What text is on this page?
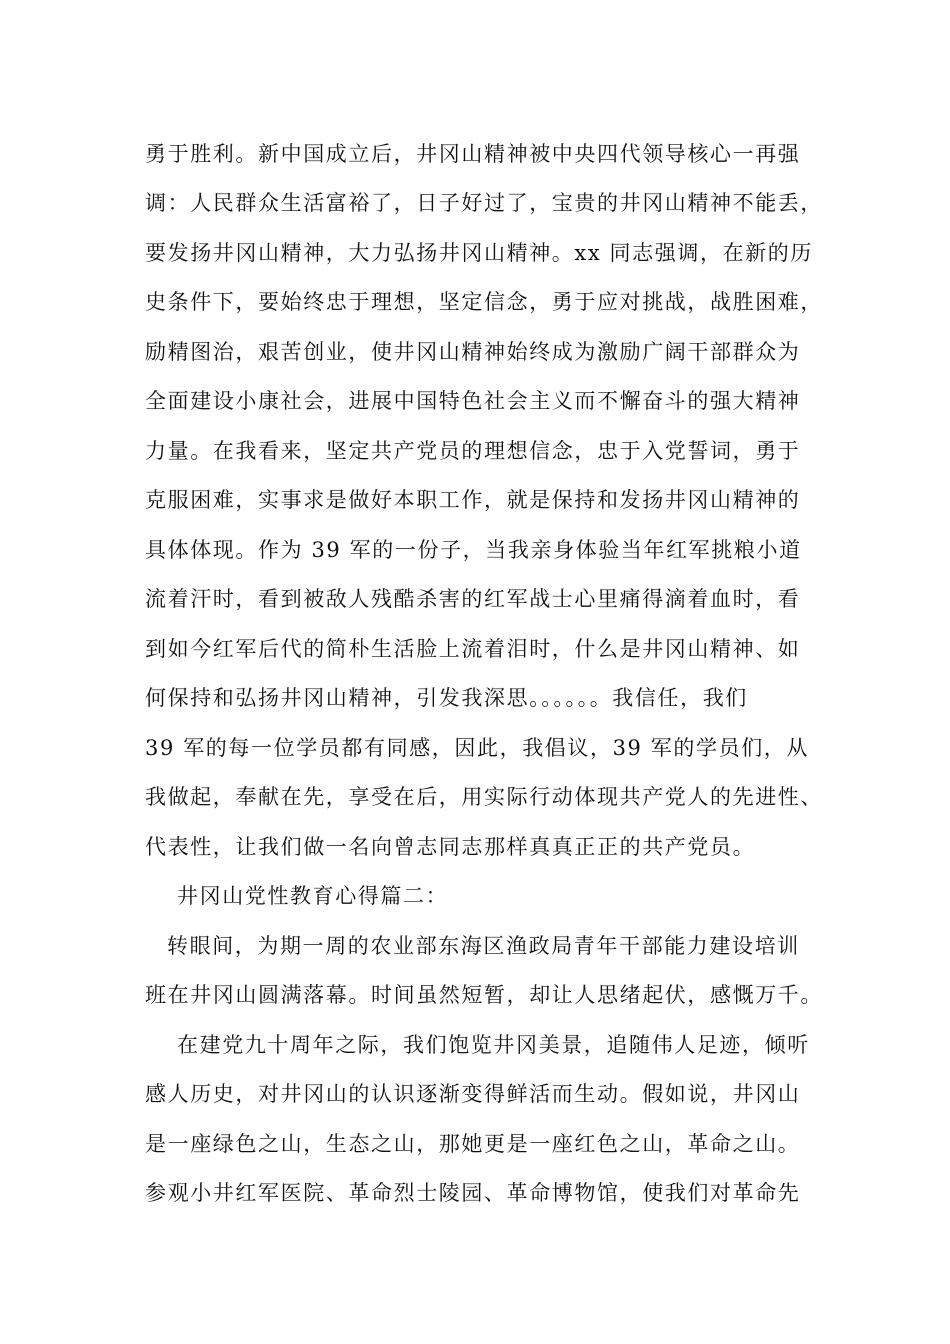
勇于胜利。新中国成立后，井冈山精神被中央四代领导核心一再强
调：人民群众生活富裕了，日子好过了，宝贵的井冈山精神不能丢，
要发扬井冈山精神，大力弘扬井冈山精神。xx 同志强调，在新的历
史条件下，要始终忠于理想，坚定信念，勇于应对挑战，战胜困难，
励精图治，艰苦创业，使井冈山精神始终成为激励广阔干部群众为
全面建设小康社会，进展中国特色社会主义而不懈奋斗的强大精神
力量。在我看来，坚定共产党员的理想信念，忠于入党誓词，勇于
克服困难，实事求是做好本职工作，就是保持和发扬井冈山精神的
具体体现。作为 39 军的一份子，当我亲身体验当年红军挑粮小道
流着汗时，看到被敌人残酷杀害的红军战士心里痛得滴着血时，看
到如今红军后代的简朴生活脸上流着泪时，什么是井冈山精神、如
何保持和弘扬井冈山精神，引发我深思。。。。。。我信任，我们
39 军的每一位学员都有同感，因此，我倡议，39 军的学员们，从
我做起，奉献在先，享受在后，用实际行动体现共产党人的先进性、
代表性，让我们做一名向曾志同志那样真真正正的共产党员。
井冈山党性教育心得篇二：
转眼间，为期一周的农业部东海区渔政局青年干部能力建设培训
班在井冈山圆满落幕。时间虽然短暂，却让人思绪起伏，感慨万千。
在建党九十周年之际，我们饱览井冈美景，追随伟人足迹，倾听
感人历史，对井冈山的认识逐渐变得鲜活而生动。假如说，井冈山
是一座绿色之山，生态之山，那她更是一座红色之山，革命之山。
参观小井红军医院、革命烈士陵园、革命博物馆，使我们对革命先
